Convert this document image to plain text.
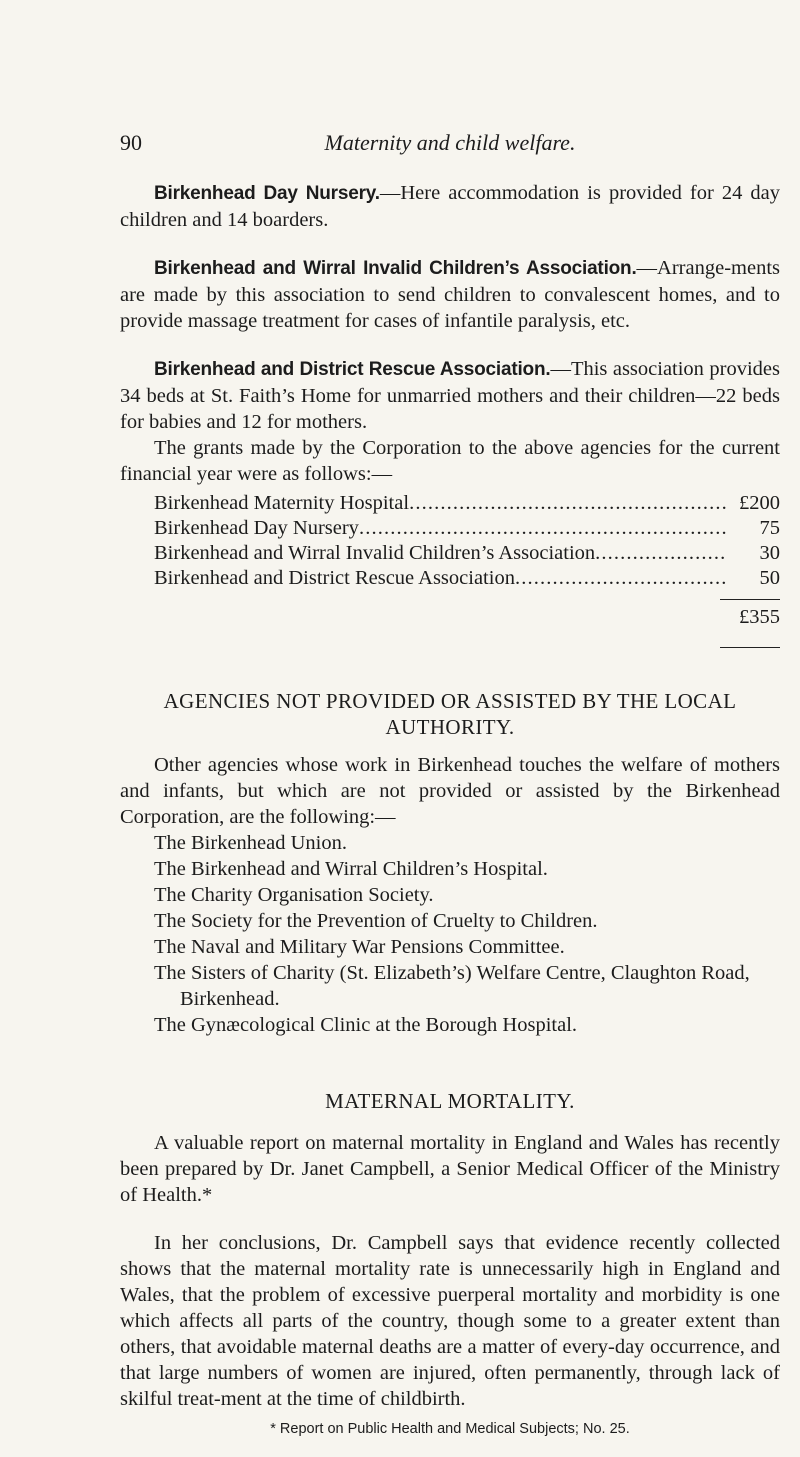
90	Maternity and child welfare.

Birkenhead Day Nursery.—Here accommodation is provided for 24 day children and 14 boarders.

Birkenhead and Wirral Invalid Children’s Association.—Arrange-ments are made by this association to send children to convalescent homes, and to provide massage treatment for cases of infantile paralysis, etc.

Birkenhead and District Rescue Association.—This association provides 34 beds at St. Faith’s Home for unmarried mothers and their children—22 beds for babies and 12 for mothers.

The grants made by the Corporation to the above agencies for the current financial year were as follows:—

Birkenhead Maternity Hospital . . .	£200
Birkenhead Day Nursery . . .	75
Birkenhead and Wirral Invalid Children’s Association . . .	30
Birkenhead and District Rescue Association . . .	50
£355

AGENCIES NOT PROVIDED OR ASSISTED BY THE LOCAL

AUTHORITY.

Other agencies whose work in Birkenhead touches the welfare of mothers and infants, but which are not provided or assisted by the Birkenhead Corporation, are the following:—

The Birkenhead Union.

The Birkenhead and Wirral Children’s Hospital.

The Charity Organisation Society.

The Society for the Prevention of Cruelty to Children.

The Naval and Military War Pensions Committee.

The Sisters of Charity (St. Elizabeth’s) Welfare Centre, Claughton Road, Birkenhead.

The Gynæcological Clinic at the Borough Hospital.

MATERNAL MORTALITY.

A valuable report on maternal mortality in England and Wales has recently been prepared by Dr. Janet Campbell, a Senior Medical Officer of the Ministry of Health.*

In her conclusions, Dr. Campbell says that evidence recently collected shows that the maternal mortality rate is unnecessarily high in England and Wales, that the problem of excessive puerperal mortality and morbidity is one which affects all parts of the country, though some to a greater extent than others, that avoidable maternal deaths are a matter of every-day occurrence, and that large numbers of women are injured, often permanently, through lack of skilful treat-ment at the time of childbirth.

* Report on Public Health and Medical Subjects; No. 25.
